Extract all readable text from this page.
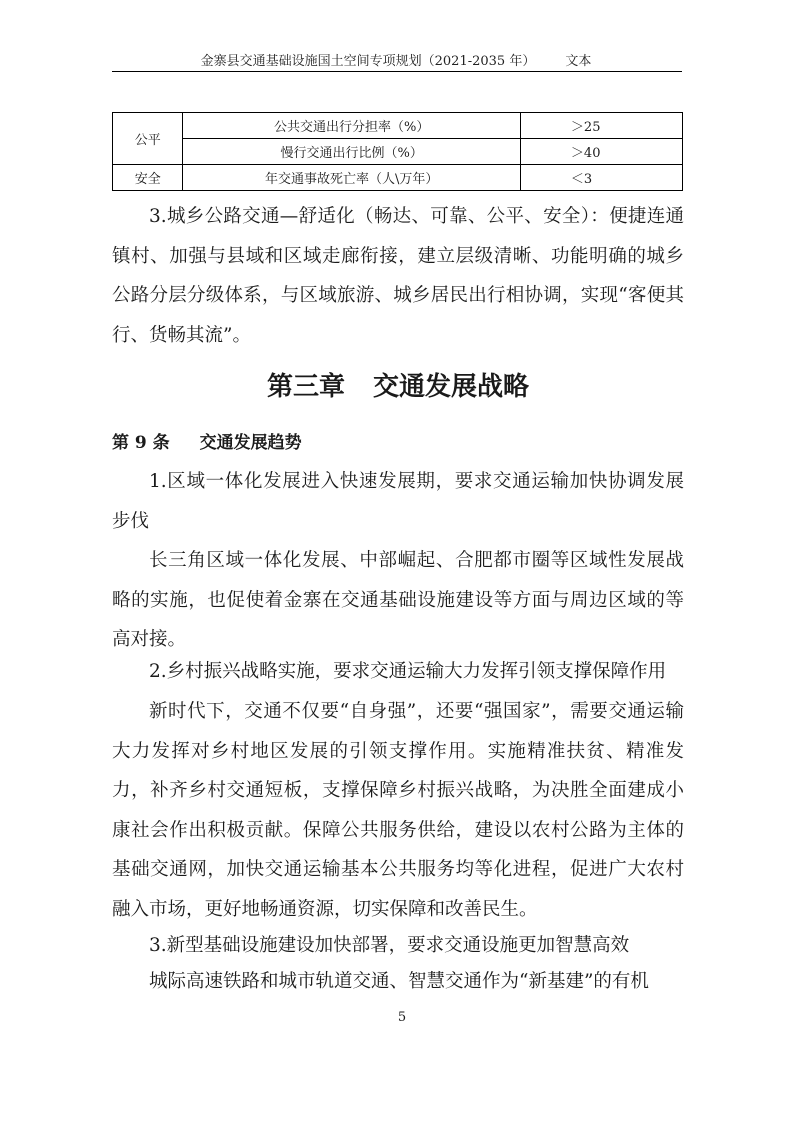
金寨县交通基础设施国土空间专项规划（2021-2035 年） 文本
公平	公共交通出行分担率（%）	＞25
	慢行交通出行比例（%）	＞40
安全	年交通事故死亡率（人\万年）	＜3

3.城乡公路交通—舒适化（畅达、可靠、公平、安全）：便捷连通镇村、加强与县域和区域走廊衔接，建立层级清晰、功能明确的城乡公路分层分级体系，与区域旅游、城乡居民出行相协调，实现“客便其行、货畅其流”。

第三章 交通发展战略
第 9 条 交通发展趋势

1.区域一体化发展进入快速发展期，要求交通运输加快协调发展步伐

长三角区域一体化发展、中部崛起、合肥都市圈等区域性发展战略的实施，也促使着金寨在交通基础设施建设等方面与周边区域的等高对接。

2.乡村振兴战略实施，要求交通运输大力发挥引领支撑保障作用

新时代下，交通不仅要“自身强”，还要“强国家”，需要交通运输大力发挥对乡村地区发展的引领支撑作用。实施精准扶贫、精准发力，补齐乡村交通短板，支撑保障乡村振兴战略，为决胜全面建成小康社会作出积极贡献。保障公共服务供给，建设以农村公路为主体的基础交通网，加快交通运输基本公共服务均等化进程，促进广大农村融入市场，更好地畅通资源，切实保障和改善民生。

3.新型基础设施建设加快部署，要求交通设施更加智慧高效

城际高速铁路和城市轨道交通、智慧交通作为“新基建”的有机

5
